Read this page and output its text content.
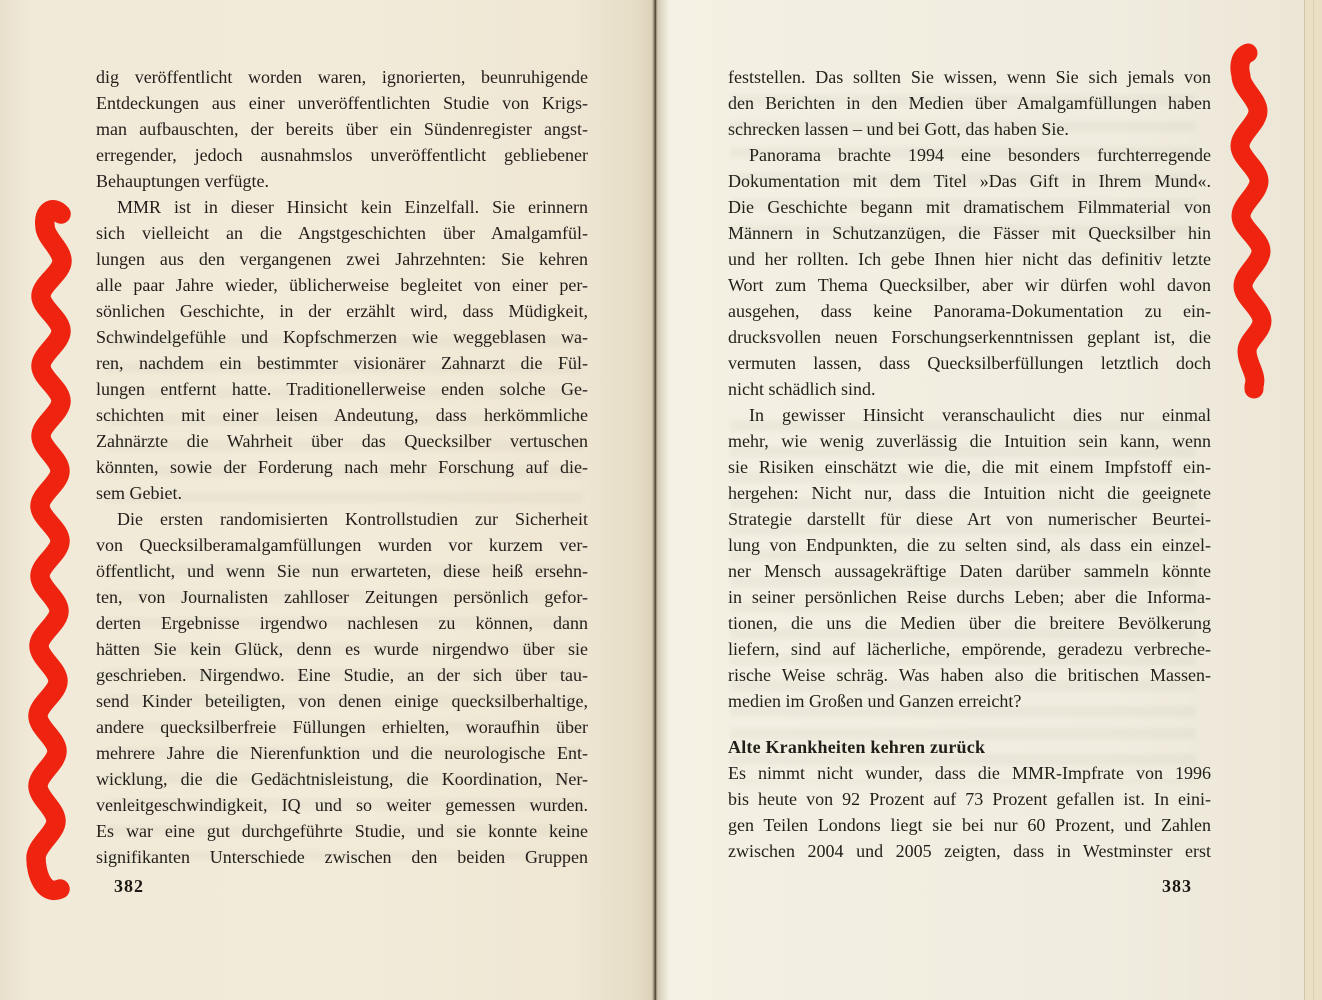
dig veröffentlicht worden waren, ignorierten, beunruhigende
Entdeckungen aus einer unveröffentlichten Studie von Krigs-
man aufbauschten, der bereits über ein Sündenregister angst-
erregender, jedoch ausnahmslos unveröffentlicht gebliebener
Behauptungen verfügte.
MMR ist in dieser Hinsicht kein Einzelfall. Sie erinnern
sich vielleicht an die Angstgeschichten über Amalgamfül-
lungen aus den vergangenen zwei Jahrzehnten: Sie kehren
alle paar Jahre wieder, üblicherweise begleitet von einer per-
sönlichen Geschichte, in der erzählt wird, dass Müdigkeit,
Schwindelgefühle und Kopfschmerzen wie weggeblasen wa-
ren, nachdem ein bestimmter visionärer Zahnarzt die Fül-
lungen entfernt hatte. Traditionellerweise enden solche Ge-
schichten mit einer leisen Andeutung, dass herkömmliche
Zahnärzte die Wahrheit über das Quecksilber vertuschen
könnten, sowie der Forderung nach mehr Forschung auf die-
sem Gebiet.
Die ersten randomisierten Kontrollstudien zur Sicherheit
von Quecksilberamalgamfüllungen wurden vor kurzem ver-
öffentlicht, und wenn Sie nun erwarteten, diese heiß ersehn-
ten, von Journalisten zahlloser Zeitungen persönlich gefor-
derten Ergebnisse irgendwo nachlesen zu können, dann
hätten Sie kein Glück, denn es wurde nirgendwo über sie
geschrieben. Nirgendwo. Eine Studie, an der sich über tau-
send Kinder beteiligten, von denen einige quecksilberhaltige,
andere quecksilberfreie Füllungen erhielten, woraufhin über
mehrere Jahre die Nierenfunktion und die neurologische Ent-
wicklung, die die Gedächtnisleistung, die Koordination, Ner-
venleitgeschwindigkeit, IQ und so weiter gemessen wurden.
Es war eine gut durchgeführte Studie, und sie konnte keine
signifikanten Unterschiede zwischen den beiden Gruppen
feststellen. Das sollten Sie wissen, wenn Sie sich jemals von
den Berichten in den Medien über Amalgamfüllungen haben
schrecken lassen – und bei Gott, das haben Sie.
Panorama brachte 1994 eine besonders furchterregende
Dokumentation mit dem Titel »Das Gift in Ihrem Mund«.
Die Geschichte begann mit dramatischem Filmmaterial von
Männern in Schutzanzügen, die Fässer mit Quecksilber hin
und her rollten. Ich gebe Ihnen hier nicht das definitiv letzte
Wort zum Thema Quecksilber, aber wir dürfen wohl davon
ausgehen, dass keine Panorama-Dokumentation zu ein-
drucksvollen neuen Forschungserkenntnissen geplant ist, die
vermuten lassen, dass Quecksilberfüllungen letztlich doch
nicht schädlich sind.
In gewisser Hinsicht veranschaulicht dies nur einmal
mehr, wie wenig zuverlässig die Intuition sein kann, wenn
sie Risiken einschätzt wie die, die mit einem Impfstoff ein-
hergehen: Nicht nur, dass die Intuition nicht die geeignete
Strategie darstellt für diese Art von numerischer Beurtei-
lung von Endpunkten, die zu selten sind, als dass ein einzel-
ner Mensch aussagekräftige Daten darüber sammeln könnte
in seiner persönlichen Reise durchs Leben; aber die Informa-
tionen, die uns die Medien über die breitere Bevölkerung
liefern, sind auf lächerliche, empörende, geradezu verbreche-
rische Weise schräg. Was haben also die britischen Massen-
medien im Großen und Ganzen erreicht?
Alte Krankheiten kehren zurück
Es nimmt nicht wunder, dass die MMR-Impfrate von 1996
bis heute von 92 Prozent auf 73 Prozent gefallen ist. In eini-
gen Teilen Londons liegt sie bei nur 60 Prozent, und Zahlen
zwischen 2004 und 2005 zeigten, dass in Westminster erst
382	383
